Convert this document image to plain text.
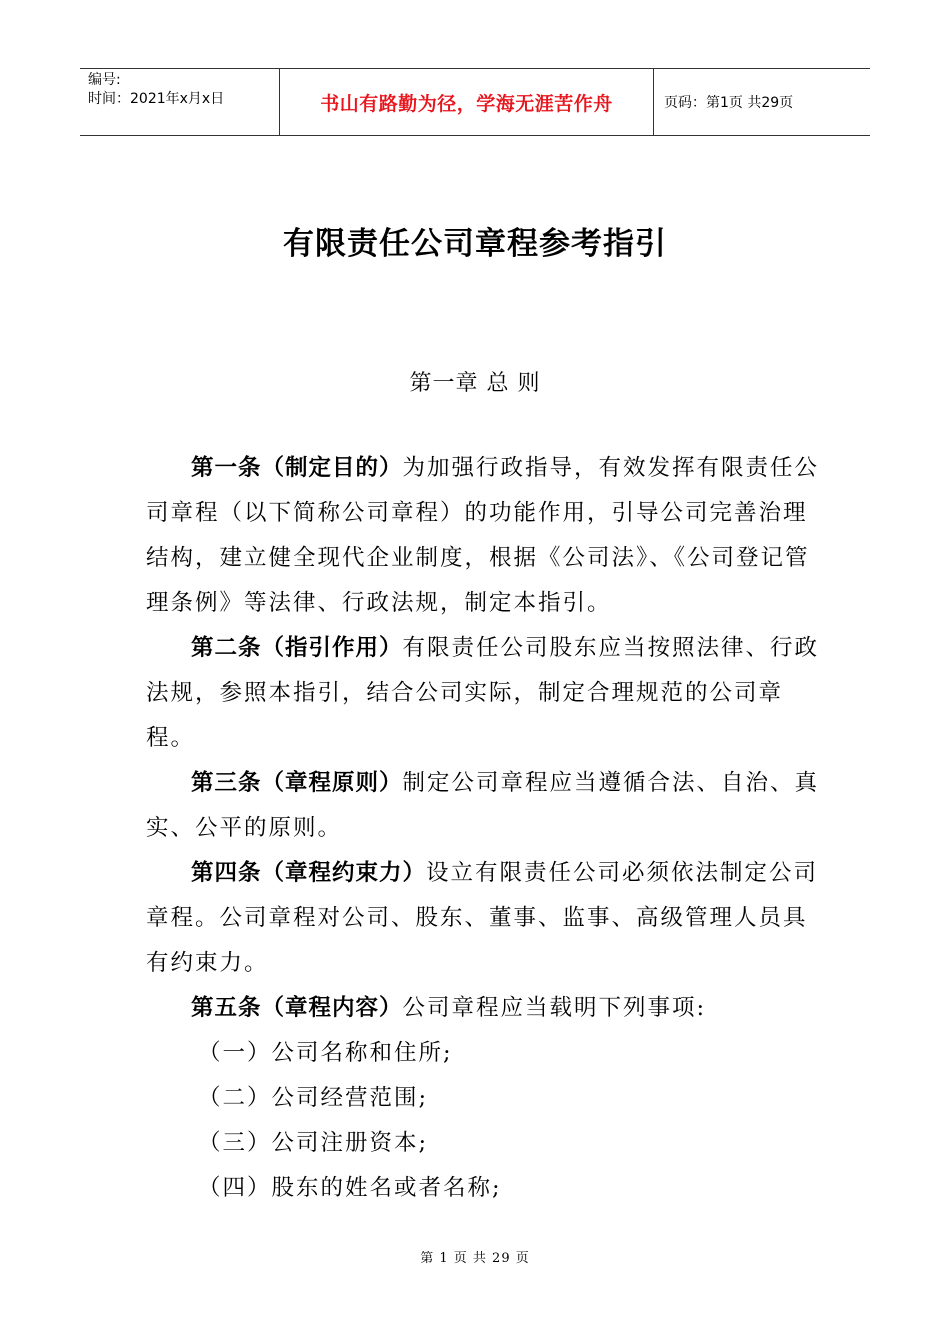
编号:
时间：2021年x月x日	书山有路勤为径，学海无涯苦作舟	页码：第1页 共29页
有限责任公司章程参考指引
第一章 总 则

第一条（制定目的）为加强行政指导，有效发挥有限责任公司章程（以下简称公司章程）的功能作用，引导公司完善治理结构，建立健全现代企业制度，根据《公司法》、《公司登记管理条例》等法律、行政法规，制定本指引。

第二条（指引作用）有限责任公司股东应当按照法律、行政法规，参照本指引，结合公司实际，制定合理规范的公司章程。

第三条（章程原则）制定公司章程应当遵循合法、自治、真实、公平的原则。

第四条（章程约束力）设立有限责任公司必须依法制定公司章程。公司章程对公司、股东、董事、监事、高级管理人员具有约束力。

第五条（章程内容）公司章程应当载明下列事项:

（一）公司名称和住所;

（二）公司经营范围;

（三）公司注册资本;

（四）股东的姓名或者名称;

第 1 页 共 29 页
